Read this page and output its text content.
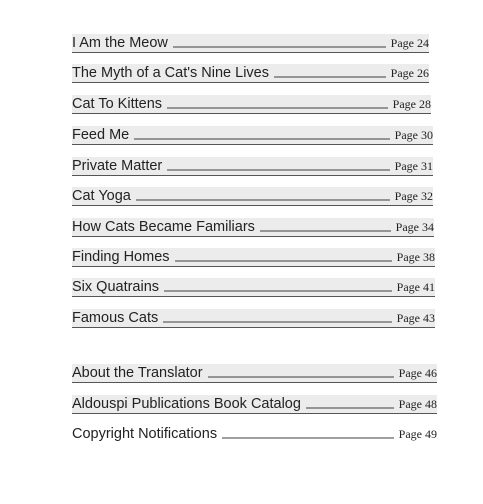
I Am the Meow	Page 24
The Myth of a Cat's Nine Lives	Page 26
Cat To Kittens	Page 28
Feed Me	Page 30
Private Matter	Page 31
Cat Yoga	Page 32
How Cats Became Familiars	Page 34
Finding Homes	Page 38
Six Quatrains	Page 41
Famous Cats	Page 43
About the Translator	Page 46
Aldouspi Publications Book Catalog	Page 48
Copyright Notifications	Page 49
